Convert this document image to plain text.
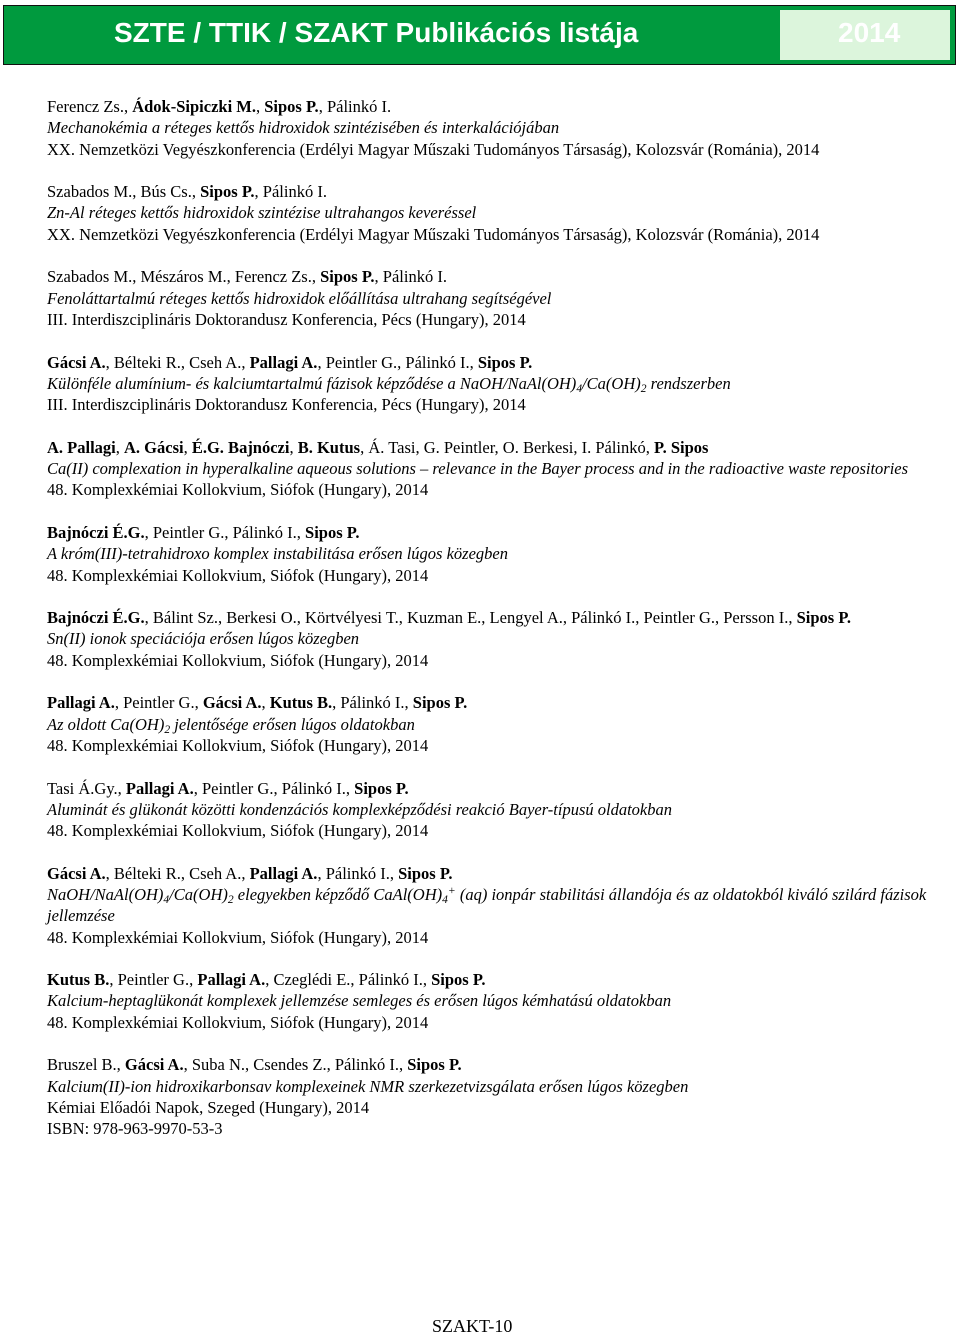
SZTE / TTIK / SZAKT Publikációs listája	2014
Ferencz Zs., Ádok-Sipiczki M., Sipos P., Pálinkó I.
Mechanokémia a réteges kettős hidroxidok szintézisében és interkalációjában
XX. Nemzetközi Vegyészkonferencia (Erdélyi Magyar Műszaki Tudományos Társaság), Kolozsvár (Románia), 2014
Szabados M., Bús Cs., Sipos P., Pálinkó I.
Zn-Al réteges kettős hidroxidok szintézise ultrahangos keveréssel
XX. Nemzetközi Vegyészkonferencia (Erdélyi Magyar Műszaki Tudományos Társaság), Kolozsvár (Románia), 2014
Szabados M., Mészáros M., Ferencz Zs., Sipos P., Pálinkó I.
Fenoláttartalmú réteges kettős hidroxidok előállítása ultrahang segítségével
III. Interdiszciplináris Doktorandusz Konferencia, Pécs (Hungary), 2014
Gácsi A., Bélteki R., Cseh A., Pallagi A., Peintler G., Pálinkó I., Sipos P.
Különféle alumínium- és kalciumtartalmú fázisok képződése a NaOH/$NaAl(OH)_4/Ca(OH)_2$ rendszerben
III. Interdiszciplináris Doktorandusz Konferencia, Pécs (Hungary), 2014
A. Pallagi, A. Gácsi, É.G. Bajnóczi, B. Kutus, Á. Tasi, G. Peintler, O. Berkesi, I. Pálinkó, P. Sipos
Ca(II) complexation in hyperalkaline aqueous solutions – relevance in the Bayer process and in the radioactive waste repositories
48. Komplexkémiai Kollokvium, Siófok (Hungary), 2014
Bajnóczi É.G., Peintler G., Pálinkó I., Sipos P.
A króm(III)-tetrahidroxo komplex instabilitása erősen lúgos közegben
48. Komplexkémiai Kollokvium, Siófok (Hungary), 2014
Bajnóczi É.G., Bálint Sz., Berkesi O., Körtvélyesi T., Kuzman E., Lengyel A., Pálinkó I., Peintler G., Persson I., Sipos P.
Sn(II) ionok speciációja erősen lúgos közegben
48. Komplexkémiai Kollokvium, Siófok (Hungary), 2014
Pallagi A., Peintler G., Gácsi A., Kutus B., Pálinkó I., Sipos P.
Az oldott $Ca(OH)_2$ jelentősége erősen lúgos oldatokban
48. Komplexkémiai Kollokvium, Siófok (Hungary), 2014
Tasi Á.Gy., Pallagi A., Peintler G., Pálinkó I., Sipos P.
Aluminát és glükonát közötti kondenzációs komplexképződési reakció Bayer-típusú oldatokban
48. Komplexkémiai Kollokvium, Siófok (Hungary), 2014
Gácsi A., Bélteki R., Cseh A., Pallagi A., Pálinkó I., Sipos P.
NaOH/$NaAl(OH)_4/Ca(OH)_2$ elegyekben képződő $CaAl(OH)_4^+$ (aq) ionpár stabilitási állandója és az oldatokból kiváló szilárd fázisok jellemzése
48. Komplexkémiai Kollokvium, Siófok (Hungary), 2014
Kutus B., Peintler G., Pallagi A., Czeglédi E., Pálinkó I., Sipos P.
Kalcium-heptaglükonát komplexek jellemzése semleges és erősen lúgos kémhatású oldatokban
48. Komplexkémiai Kollokvium, Siófok (Hungary), 2014
Bruszel B., Gácsi A., Suba N., Csendes Z., Pálinkó I., Sipos P.
Kalcium(II)-ion hidroxikarbonsav komplexeinek NMR szerkezetvizsgálata erősen lúgos közegben
Kémiai Előadói Napok, Szeged (Hungary), 2014
ISBN: 978-963-9970-53-3
SZAKT-10
